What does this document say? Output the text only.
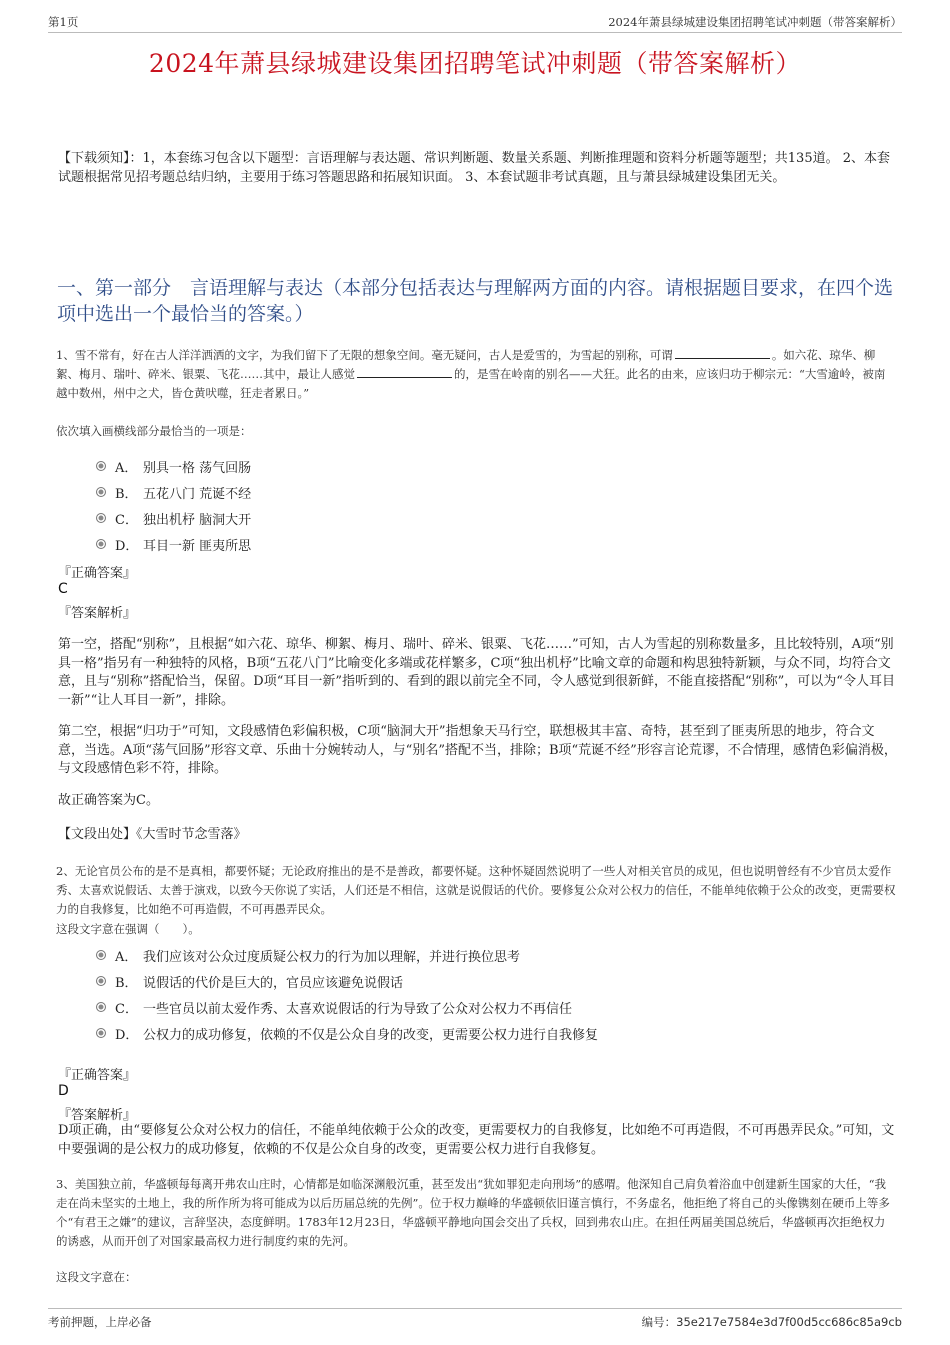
第1页	2024年萧县绿城建设集团招聘笔试冲刺题（带答案解析）
2024年萧县绿城建设集团招聘笔试冲刺题（带答案解析）
【下载须知】：1，本套练习包含以下题型：言语理解与表达题、常识判断题、数量关系题、判断推理题和资料分析题等题型；共135道。 2、本套试题根据常见招考题总结归纳，主要用于练习答题思路和拓展知识面。 3、本套试题非考试真题，且与萧县绿城建设集团无关。
一、第一部分　言语理解与表达（本部分包括表达与理解两方面的内容。请根据题目要求，在四个选项中选出一个最恰当的答案。）
1、雪不常有，好在古人洋洋洒洒的文字，为我们留下了无限的想象空间。毫无疑问，古人是爱雪的，为雪起的别称，可谓	。如六花、琼华、柳絮、梅月、瑞叶、碎米、银粟、飞花……其中，最让人感觉	的，是雪在岭南的别名——犬狂。此名的由来，应该归功于柳宗元：“大雪逾岭，被南越中数州，州中之犬，皆仓黄吠噬，狂走者累日。”
依次填入画横线部分最恰当的一项是：
A． 别具一格 荡气回肠
B． 五花八门 荒诞不经
C． 独出机杼 脑洞大开
D． 耳目一新 匪夷所思
『正确答案』
C
『答案解析』
第一空，搭配“别称”，且根据“如六花、琼华、柳絮、梅月、瑞叶、碎米、银粟、飞花……”可知，古人为雪起的别称数量多，且比较特别，A项“别具一格”指另有一种独特的风格，B项“五花八门”比喻变化多端或花样繁多，C项“独出机杼”比喻文章的命题和构思独特新颖，与众不同，均符合文意，且与“别称”搭配恰当，保留。D项“耳目一新”指听到的、看到的跟以前完全不同，令人感觉到很新鲜，不能直接搭配“别称”，可以为“令人耳目一新”“让人耳目一新”，排除。
第二空，根据“归功于”可知，文段感情色彩偏积极，C项“脑洞大开”指想象天马行空，联想极其丰富、奇特，甚至到了匪夷所思的地步，符合文意，当选。A项“荡气回肠”形容文章、乐曲十分婉转动人，与“别名”搭配不当，排除；B项“荒诞不经”形容言论荒谬，不合情理，感情色彩偏消极，与文段感情色彩不符，排除。
故正确答案为C。
【文段出处】《大雪时节念雪落》
2、无论官员公布的是不是真相，都要怀疑；无论政府推出的是不是善政，都要怀疑。这种怀疑固然说明了一些人对相关官员的成见，但也说明曾经有不少官员太爱作秀、太喜欢说假话、太善于演戏，以致今天你说了实话，人们还是不相信，这就是说假话的代价。要修复公众对公权力的信任，不能单纯依赖于公众的改变，更需要权力的自我修复，比如绝不可再造假，不可再愚弄民众。
这段文字意在强调（　　）。
A． 我们应该对公众过度质疑公权力的行为加以理解，并进行换位思考
B． 说假话的代价是巨大的，官员应该避免说假话
C． 一些官员以前太爱作秀、太喜欢说假话的行为导致了公众对公权力不再信任
D． 公权力的成功修复，依赖的不仅是公众自身的改变，更需要公权力进行自我修复
『正确答案』
D
『答案解析』
D项正确，由“要修复公众对公权力的信任，不能单纯依赖于公众的改变，更需要权力的自我修复，比如绝不可再造假，不可再愚弄民众。”可知，文中要强调的是公权力的成功修复，依赖的不仅是公众自身的改变，更需要公权力进行自我修复。
3、美国独立前，华盛顿每每离开弗农山庄时，心情都是如临深渊般沉重，甚至发出“犹如罪犯走向刑场”的感喟。他深知自己肩负着浴血中创建新生国家的大任，“我走在尚未坚实的土地上，我的所作所为将可能成为以后历届总统的先例”。位于权力巅峰的华盛顿依旧谨言慎行，不务虚名，他拒绝了将自己的头像镌刻在硬币上等多个“有君王之嫌”的建议，言辞坚决，态度鲜明。1783年12月23日，华盛顿平静地向国会交出了兵权，回到弗农山庄。在担任两届美国总统后，华盛顿再次拒绝权力的诱惑，从而开创了对国家最高权力进行制度约束的先河。
这段文字意在：
考前押题，上岸必备	编号：35e217e7584e3d7f00d5cc686c85a9cb
